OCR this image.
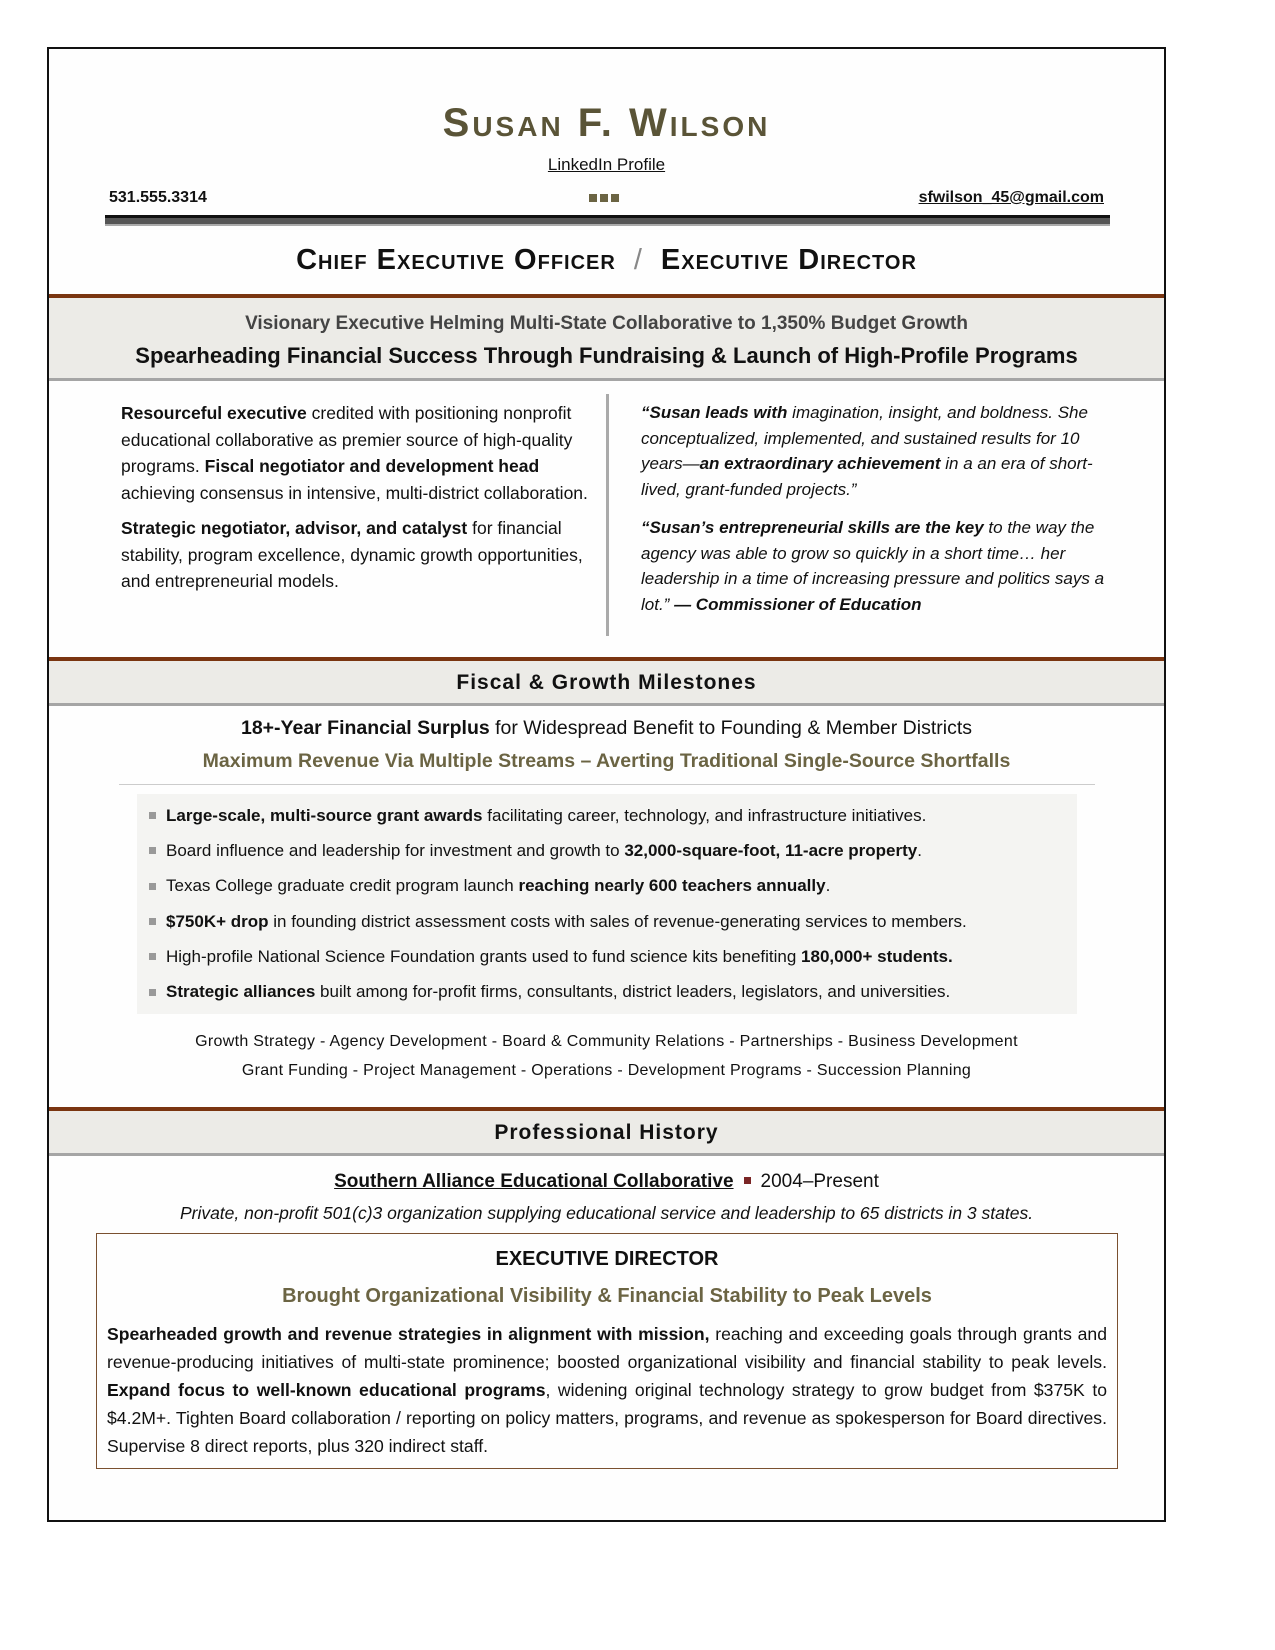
Susan F. Wilson
LinkedIn Profile
531.555.3314	sfwilson_45@gmail.com
Chief Executive Officer / Executive Director
Visionary Executive Helming Multi-State Collaborative to 1,350% Budget Growth
Spearheading Financial Success Through Fundraising & Launch of High-Profile Programs

Resourceful executive credited with positioning nonprofit educational collaborative as premier source of high-quality programs. Fiscal negotiator and development head achieving consensus in intensive, multi-district collaboration.

Strategic negotiator, advisor, and catalyst for financial stability, program excellence, dynamic growth opportunities, and entrepreneurial models.

“Susan leads with imagination, insight, and boldness. She conceptualized, implemented, and sustained results for 10 years—an extraordinary achievement in a an era of short-lived, grant-funded projects.”

“Susan’s entrepreneurial skills are the key to the way the agency was able to grow so quickly in a short time… her leadership in a time of increasing pressure and politics says a lot.” — Commissioner of Education

Fiscal & Growth Milestones
18+-Year Financial Surplus for Widespread Benefit to Founding & Member Districts
Maximum Revenue Via Multiple Streams – Averting Traditional Single-Source Shortfalls
Large-scale, multi-source grant awards facilitating career, technology, and infrastructure initiatives.
Board influence and leadership for investment and growth to 32,000-square-foot, 11-acre property.
Texas College graduate credit program launch reaching nearly 600 teachers annually.
$750K+ drop in founding district assessment costs with sales of revenue-generating services to members.
High-profile National Science Foundation grants used to fund science kits benefiting 180,000+ students.
Strategic alliances built among for-profit firms, consultants, district leaders, legislators, and universities.
Growth Strategy - Agency Development - Board & Community Relations - Partnerships - Business Development
Grant Funding - Project Management - Operations - Development Programs - Succession Planning
Professional History
Southern Alliance Educational Collaborative 2004–Present
Private, non-profit 501(c)3 organization supplying educational service and leadership to 65 districts in 3 states.
EXECUTIVE DIRECTOR
Brought Organizational Visibility & Financial Stability to Peak Levels
Spearheaded growth and revenue strategies in alignment with mission, reaching and exceeding goals through grants and revenue-producing initiatives of multi-state prominence; boosted organizational visibility and financial stability to peak levels. Expand focus to well-known educational programs, widening original technology strategy to grow budget from $375K to $4.2M+. Tighten Board collaboration / reporting on policy matters, programs, and revenue as spokesperson for Board directives. Supervise 8 direct reports, plus 320 indirect staff.
